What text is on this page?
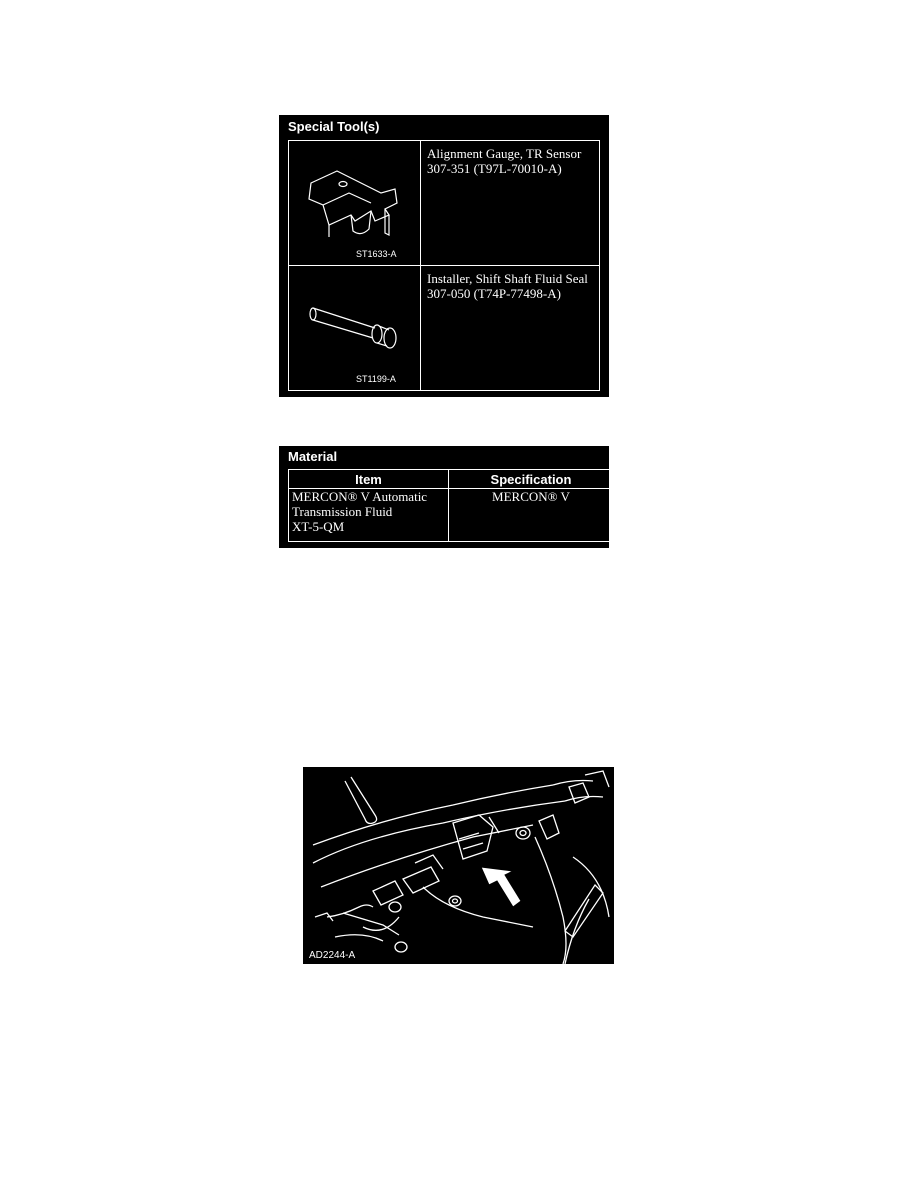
Special Tool(s)
ST1633-A	Alignment Gauge, TR Sensor
307-351 (T97L-70010-A)

ST1199-A	Installer, Shift Shaft Fluid Seal
307-050 (T74P-77498-A)
Material
Item	Specification

MERCON® V Automatic
Transmission Fluid
XT-5-QM	MERCON® V
AD2244-A
